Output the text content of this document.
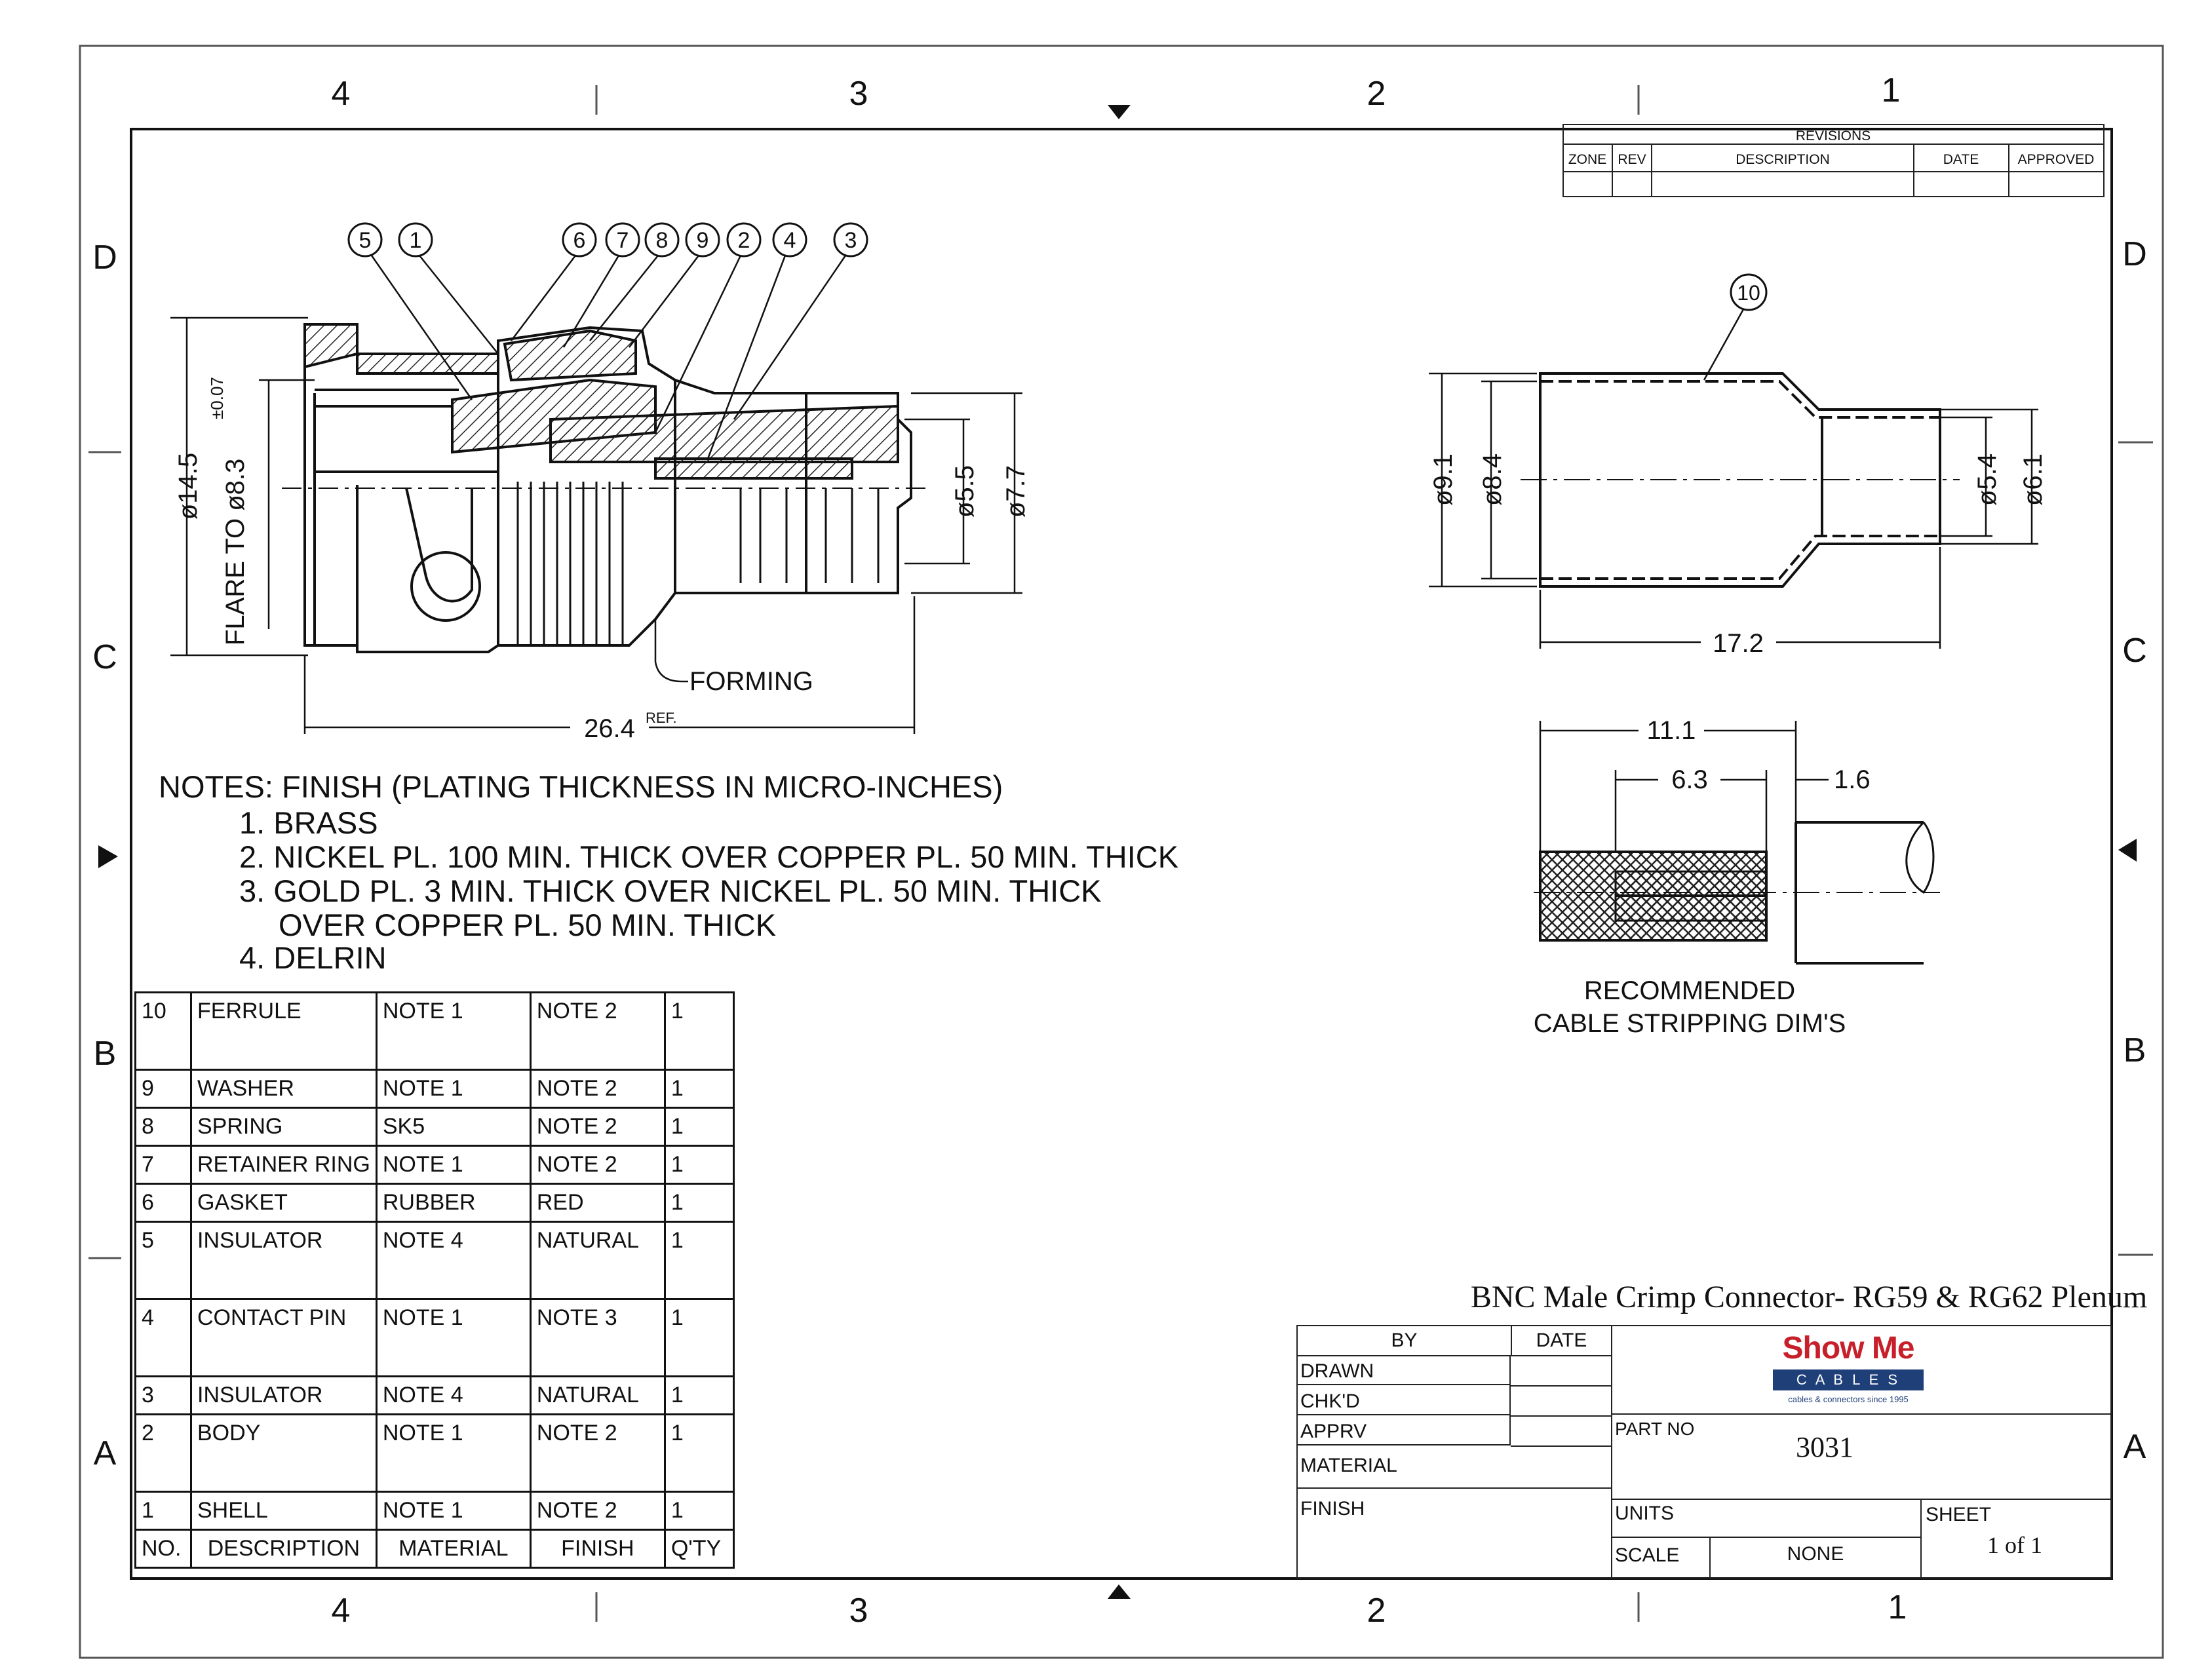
4	3	2	1
4	3	2	1
D
C
B
A
D
C
B
A
REVISIONS
ZONE REV	DESCRIPTION	DATE	APPROVED
5 1	6 7 8 9 2 4 3
10
ø14.5 FLARE TO ø8.3
±0.07
ø5.5 ø7.7
26.4 REF.
FORMING
ø9.1 ø8.4	ø5.4 ø6.1
17.2
11.1
6.3	1.6
RECOMMENDED
CABLE STRIPPING DIM'S
BNC Male Crimp Connector- RG59 & RG62 Plenum
NOTES: FINISH (PLATING THICKNESS IN MICRO-INCHES)
1. BRASS
2. NICKEL PL. 100 MIN. THICK OVER COPPER PL. 50 MIN. THICK
3. GOLD PL. 3 MIN. THICK OVER NICKEL PL. 50 MIN. THICK
OVER COPPER PL. 50 MIN. THICK
4. DELRIN
10	FERRULE	NOTE 1	NOTE 2	1
9	WASHER	NOTE 1	NOTE 2	1
8	SPRING	SK5	NOTE 2	1
7	RETAINER RING	NOTE 1	NOTE 2	1
6	GASKET	RUBBER	RED	1
5	INSULATOR	NOTE 4	NATURAL	1
4	CONTACT PIN	NOTE 1	NOTE 3	1
3	INSULATOR	NOTE 4	NATURAL	1
2	BODY	NOTE 1	NOTE 2	1
1	SHELL	NOTE 1	NOTE 2	1
NO.	DESCRIPTION	MATERIAL	FINISH	Q'TY
BY	DATE
DRAWN
CHK'D
APPRV
MATERIAL
FINISH
Show Me
C A B L E S
cables & connectors since 1995
PART NO
3031
UNITS
SCALE	NONE
SHEET
1 of 1
